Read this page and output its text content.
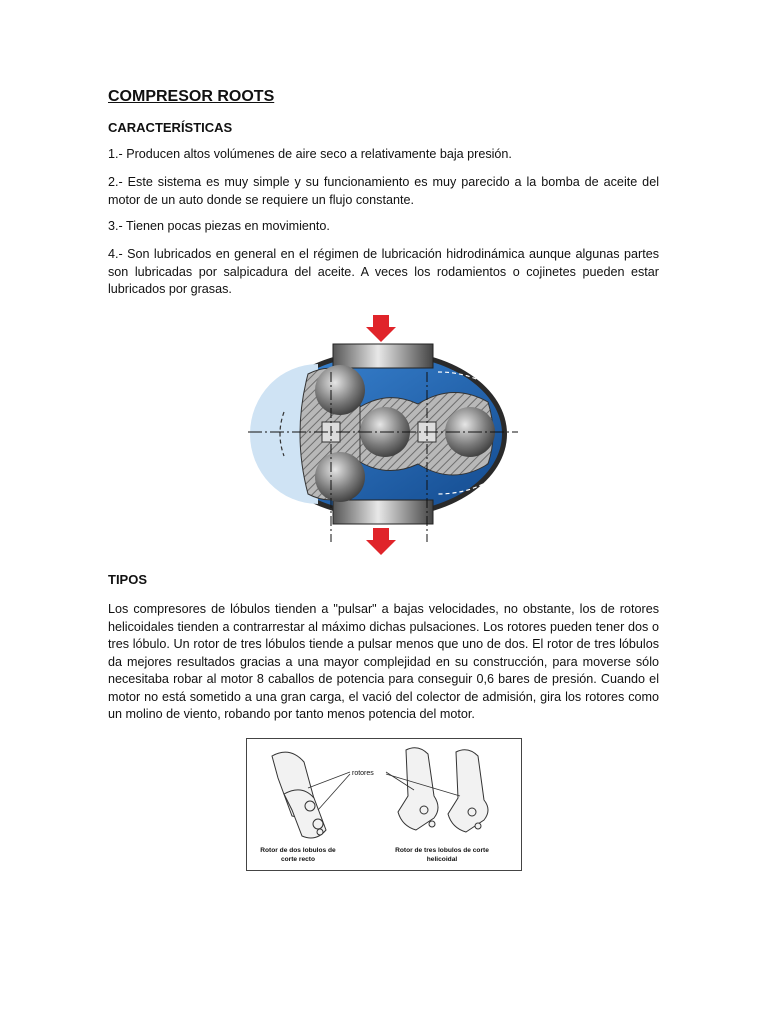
COMPRESOR ROOTS
CARACTERÍSTICAS

1.- Producen altos volúmenes de aire seco a relativamente baja presión.

2.- Este sistema es muy simple y su funcionamiento es muy parecido a la bomba de aceite del motor de un auto donde se requiere un flujo constante.

3.- Tienen pocas piezas en movimiento.

4.- Son lubricados en general en el régimen de lubricación hidrodinámica aunque algunas partes son lubricadas por salpicadura del aceite. A veces los rodamientos o cojinetes pueden estar lubricados por grasas.

TIPOS

Los compresores de lóbulos tienden a "pulsar" a bajas velocidades, no obstante, los de rotores helicoidales tienden a contrarrestar al máximo dichas pulsaciones. Los rotores pueden tener dos o tres lóbulo. Un rotor de tres lóbulos tiende a pulsar menos que uno de dos. El rotor de tres lóbulos da mejores resultados gracias a una mayor complejidad en su construcción, para moverse sólo necesitaba robar al motor 8 caballos de potencia para conseguir 0,6 bares de presión. Cuando el motor no está sometido a una gran carga, el vació del colector de admisión, gira los rotores como un molino de viento, robando por tanto menos potencia del motor.

rotores
Rotor de dos lobulos de
corte recto
Rotor de tres lobulos de corte
helicoidal
